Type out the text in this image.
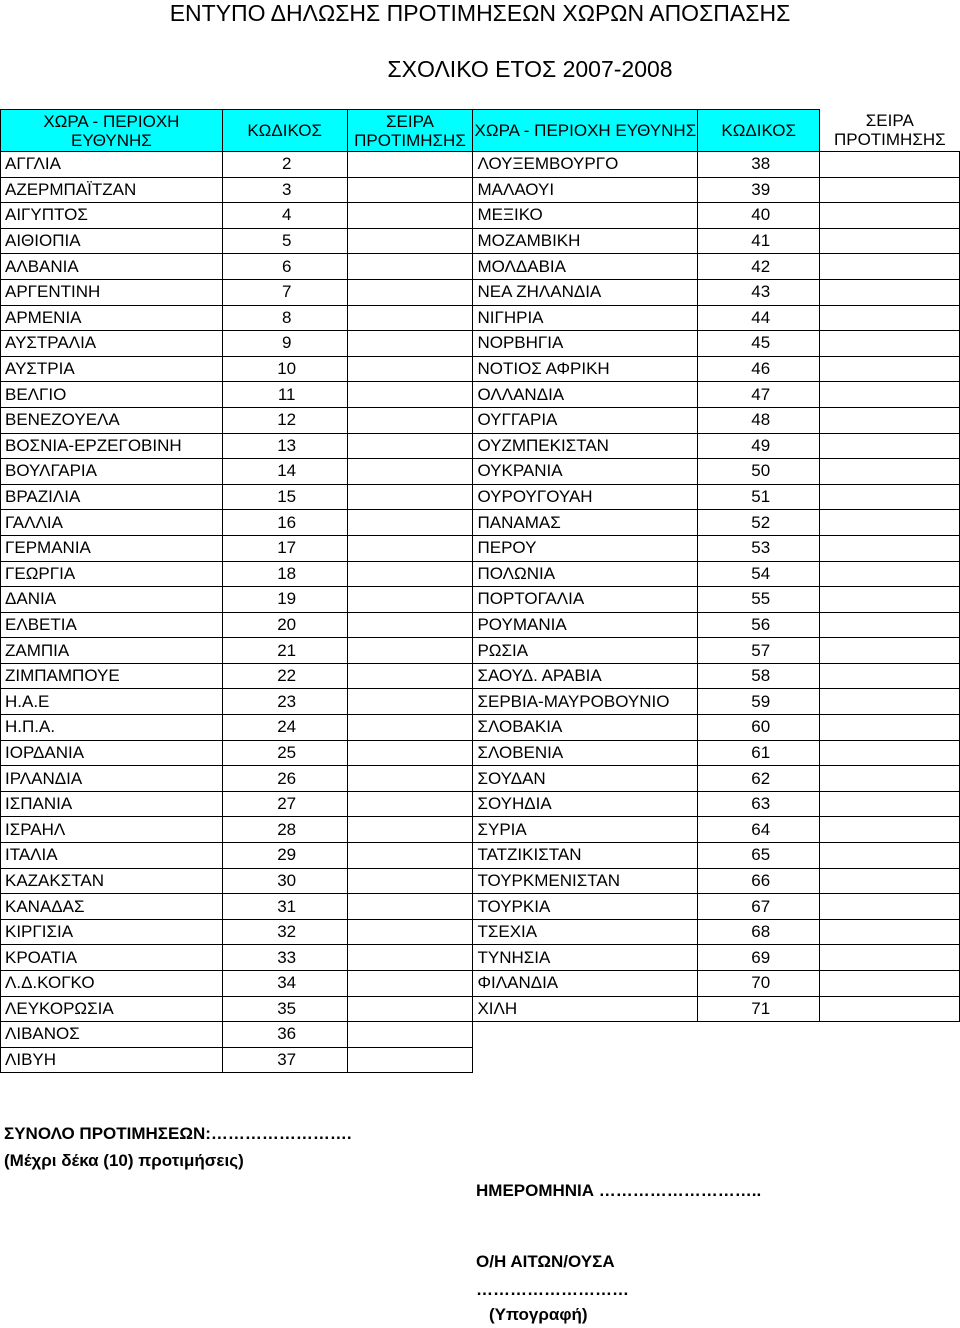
ΕΝΤΥΠΟ ΔΗΛΩΣΗΣ ΠΡΟΤΙΜΗΣΕΩΝ ΧΩΡΩΝ ΑΠΟΣΠΑΣΗΣ
ΣΧΟΛΙΚΟ ΕΤΟΣ 2007-2008
ΧΩΡΑ - ΠΕΡΙΟΧΗ ΕΥΘΥΝΗΣ	ΚΩΔΙΚΟΣ	ΣΕΙΡΑ ΠΡΟΤΙΜΗΣΗΣ	ΧΩΡΑ - ΠΕΡΙΟΧΗ ΕΥΘΥΝΗΣ	ΚΩΔΙΚΟΣ	ΣΕΙΡΑ ΠΡΟΤΙΜΗΣΗΣ
ΑΓΓΛΙΑ	2		ΛΟΥΞΕΜΒΟΥΡΓΟ	38	
ΑΖΕΡΜΠΑΪΤΖΑΝ	3		ΜΑΛΑΟΥΙ	39	
ΑΙΓΥΠΤΟΣ	4		ΜΕΞΙΚΟ	40	
ΑΙΘΙΟΠΙΑ	5		ΜΟΖΑΜΒΙΚΗ	41	
ΑΛΒΑΝΙΑ	6		ΜΟΛΔΑΒΙΑ	42	
ΑΡΓΕΝΤΙΝΗ	7		ΝΕΑ ΖΗΛΑΝΔΙΑ	43	
ΑΡΜΕΝΙΑ	8		ΝΙΓΗΡΙΑ	44	
ΑΥΣΤΡΑΛΙΑ	9		ΝΟΡΒΗΓΙΑ	45	
ΑΥΣΤΡΙΑ	10		ΝΟΤΙΟΣ ΑΦΡΙΚΗ	46	
ΒΕΛΓΙΟ	11		ΟΛΛΑΝΔΙΑ	47	
ΒΕΝΕΖΟΥΕΛΑ	12		ΟΥΓΓΑΡΙΑ	48	
ΒΟΣΝΙΑ-ΕΡΖΕΓΟΒΙΝΗ	13		ΟΥΖΜΠΕΚΙΣΤΑΝ	49	
ΒΟΥΛΓΑΡΙΑ	14		ΟΥΚΡΑΝΙΑ	50	
ΒΡΑΖΙΛΙΑ	15		ΟΥΡΟΥΓΟΥΑΗ	51	
ΓΑΛΛΙΑ	16		ΠΑΝΑΜΑΣ	52	
ΓΕΡΜΑΝΙΑ	17		ΠΕΡΟΥ	53	
ΓΕΩΡΓΙΑ	18		ΠΟΛΩΝΙΑ	54	
ΔΑΝΙΑ	19		ΠΟΡΤΟΓΑΛΙΑ	55	
ΕΛΒΕΤΙΑ	20		ΡΟΥΜΑΝΙΑ	56	
ΖΑΜΠΙΑ	21		ΡΩΣΙΑ	57	
ΖΙΜΠΑΜΠΟΥΕ	22		ΣΑΟΥΔ. ΑΡΑΒΙΑ	58	
Η.Α.Ε	23		ΣΕΡΒΙΑ-ΜΑΥΡΟΒΟΥΝΙΟ	59	
Η.Π.Α.	24		ΣΛΟΒΑΚΙΑ	60	
ΙΟΡΔΑΝΙΑ	25		ΣΛΟΒΕΝΙΑ	61	
ΙΡΛΑΝΔΙΑ	26		ΣΟΥΔΑΝ	62	
ΙΣΠΑΝΙΑ	27		ΣΟΥΗΔΙΑ	63	
ΙΣΡΑΗΛ	28		ΣΥΡΙΑ	64	
ΙΤΑΛΙΑ	29		ΤΑΤΖΙΚΙΣΤΑΝ	65	
ΚΑΖΑΚΣΤΑΝ	30		ΤΟΥΡΚΜΕΝΙΣΤΑΝ	66	
ΚΑΝΑΔΑΣ	31		ΤΟΥΡΚΙΑ	67	
ΚΙΡΓΙΣΙΑ	32		ΤΣΕΧΙΑ	68	
ΚΡΟΑΤΙΑ	33		ΤΥΝΗΣΙΑ	69	
Λ.Δ.ΚΟΓΚΟ	34		ΦΙΛΑΝΔΙΑ	70	
ΛΕΥΚΟΡΩΣΙΑ	35		ΧΙΛΗ	71	
ΛΙΒΑΝΟΣ	36				
ΛΙΒΥΗ	37				
ΣΥΝΟΛΟ ΠΡΟΤΙΜΗΣΕΩΝ:…………………….
(Μέχρι δέκα (10) προτιμήσεις)
ΗΜΕΡΟΜΗΝΙΑ ………………………..
Ο/Η ΑΙΤΩΝ/ΟΥΣΑ
………………………
(Υπογραφή)
